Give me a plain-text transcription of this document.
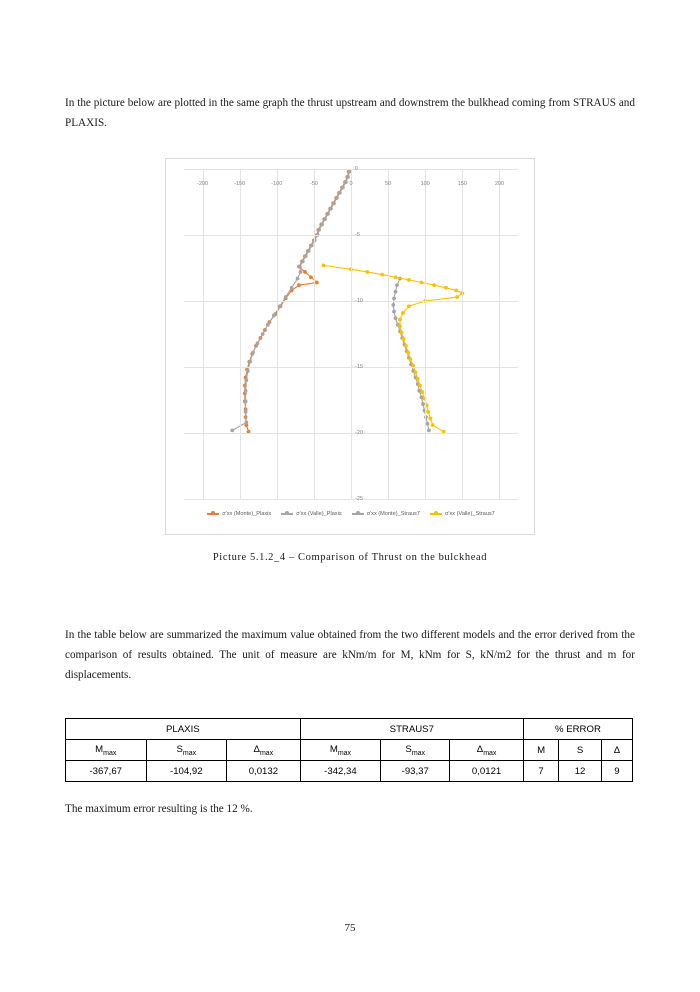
In the picture below are plotted in the same graph the thrust upstream and downstrem the bulkhead coming from STRAUS and PLAXIS.

-200	-150	-100	-50	0	50	100	150	200
0
-5
-10
-15
-20
-25
σ'xx (Monte)_Plaxis	σ'xx (Valle)_Plaxis	σ'xx (Monte)_Straus7	σ'xx (Valle)_Straus7
Picture 5.1.2_4 – Comparison of Thrust on the bulckhead

In the table below are summarized the maximum value obtained from the two different models and the error derived from the comparison of results obtained. The unit of measure are kNm/m for M, kNm for S, kN/m2 for the thrust and m for displacements.

PLAXIS			STRAUS7			% ERROR		
$M_{max}$	$S_{max}$	$\Delta_{max}$	$M_{max}$	$S_{max}$	$\Delta_{max}$	M	S	Δ
-367,67	-104,92	0,0132	-342,34	-93,37	0,0121	7	12	9

The maximum error resulting is the 12 %.

75
